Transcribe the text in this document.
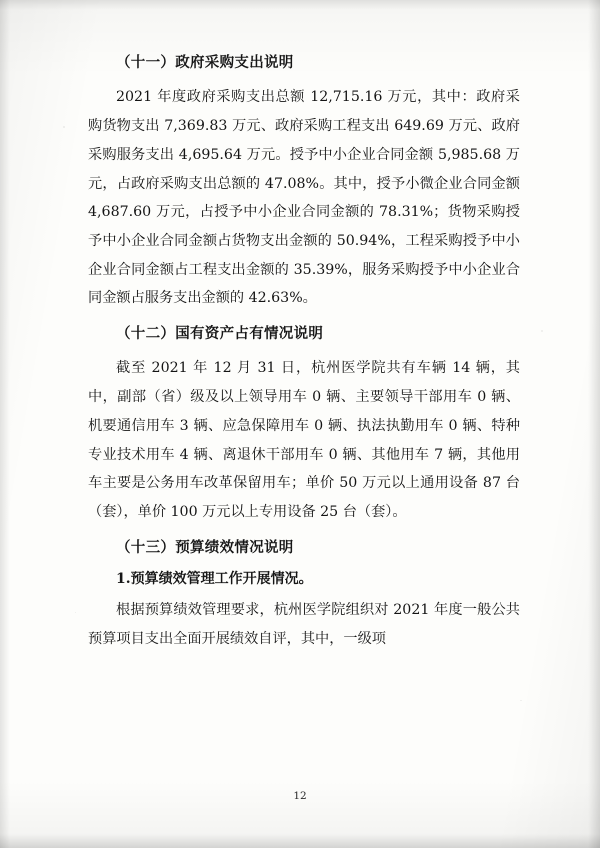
（十一）政府采购支出说明

2021 年度政府采购支出总额 12,715.16 万元，其中：政府采购货物支出 7,369.83 万元、政府采购工程支出 649.69 万元、政府采购服务支出 4,695.64 万元。授予中小企业合同金额 5,985.68 万元，占政府采购支出总额的 47.08%。其中，授予小微企业合同金额 4,687.60 万元，占授予中小企业合同金额的 78.31%；货物采购授予中小企业合同金额占货物支出金额的 50.94%，工程采购授予中小企业合同金额占工程支出金额的 35.39%，服务采购授予中小企业合同金额占服务支出金额的 42.63%。

（十二）国有资产占有情况说明

截至 2021 年 12 月 31 日，杭州医学院共有车辆 14 辆，其中，副部（省）级及以上领导用车 0 辆、主要领导干部用车 0 辆、机要通信用车 3 辆、应急保障用车 0 辆、执法执勤用车 0 辆、特种专业技术用车 4 辆、离退休干部用车 0 辆、其他用车 7 辆，其他用车主要是公务用车改革保留用车；单价 50 万元以上通用设备 87 台（套），单价 100 万元以上专用设备 25 台（套）。

（十三）预算绩效情况说明
1.预算绩效管理工作开展情况。

根据预算绩效管理要求，杭州医学院组织对 2021 年度一般公共预算项目支出全面开展绩效自评，其中，一级项

12
